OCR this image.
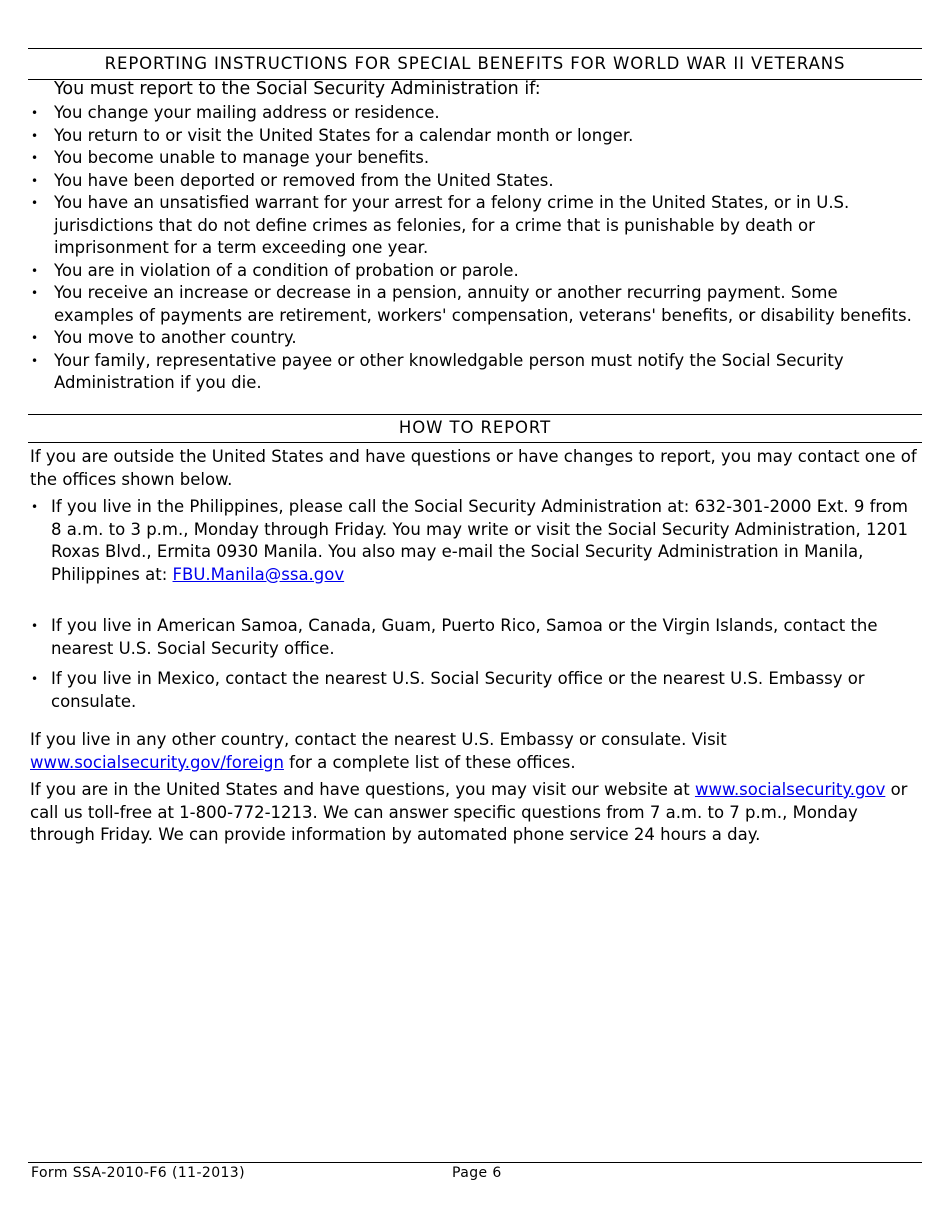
REPORTING INSTRUCTIONS FOR SPECIAL BENEFITS FOR WORLD WAR II VETERANS
You must report to the Social Security Administration if:
• You change your mailing address or residence.
• You return to or visit the United States for a calendar month or longer.
• You become unable to manage your benefits.
• You have been deported or removed from the United States.
• You have an unsatisfied warrant for your arrest for a felony crime in the United States, or in U.S. jurisdictions that do not define crimes as felonies, for a crime that is punishable by death or imprisonment for a term exceeding one year.
• You are in violation of a condition of probation or parole.
• You receive an increase or decrease in a pension, annuity or another recurring payment. Some examples of payments are retirement, workers' compensation, veterans' benefits, or disability benefits.
• You move to another country.
• Your family, representative payee or other knowledgable person must notify the Social Security Administration if you die.
HOW TO REPORT

If you are outside the United States and have questions or have changes to report, you may contact one of the offices shown below.

• If you live in the Philippines, please call the Social Security Administration at: 632-301-2000 Ext. 9 from 8 a.m. to 3 p.m., Monday through Friday. You may write or visit the Social Security Administration, 1201 Roxas Blvd., Ermita 0930 Manila. You also may e-mail the Social Security Administration in Manila, Philippines at: FBU.Manila@ssa.gov
• If you live in American Samoa, Canada, Guam, Puerto Rico, Samoa or the Virgin Islands, contact the nearest U.S. Social Security office.
• If you live in Mexico, contact the nearest U.S. Social Security office or the nearest U.S. Embassy or consulate.

If you live in any other country, contact the nearest U.S. Embassy or consulate. Visit www.socialsecurity.gov/foreign for a complete list of these offices.

If you are in the United States and have questions, you may visit our website at www.socialsecurity.gov or call us toll-free at 1-800-772-1213. We can answer specific questions from 7 a.m. to 7 p.m., Monday through Friday. We can provide information by automated phone service 24 hours a day.

Form SSA-2010-F6 (11-2013)	Page 6
